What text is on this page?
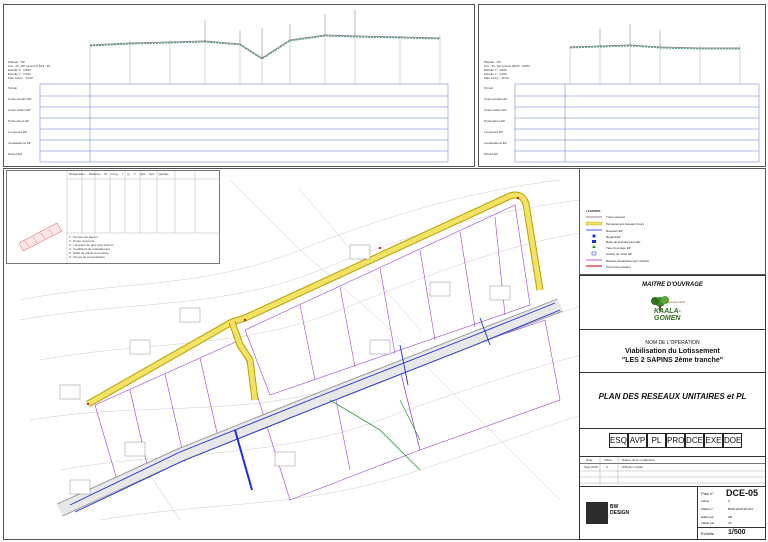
Plateau : DP
Axe : PL_DP essenti P.D15 : D1
Echelle X : 1/500
Echelle Y : 1/100
Plan Comp : 14.00
Terrain
Cotes terrains EP
Cotes radiers EP
Profondeurs EP
Longueurs EP
Canalisations EP
Pentes EP
Plateau : DP
Axe : PL_D2 essenti 06/06 : P2/02
Echelle X : 1/500
Echelle Y : 1/100
Plan Comp : 16.00
Terrain
Cotes terrains EP
Cotes radiers EP
Profondeurs EP
Longueurs EP
Canalisations EP
Pentes EP
Désignation Matériau Ø Long. I Q V Qps Hps Qps/Qs
1 : Numéro de bassin
2 : Pente moyenne
3 : Longueur du plus long chemin
4 : Coefficient de ruissellement
5 : Débit de pointe à l'exutoire
6 : Temps de concentration
LEGENDE
Trace réseaux
Terrassement réseaux futurs
Réseaux EP
Regard EP
Boîte de branchement EP
Tête d'ouvrage EP
Avaloir de voirie EP
Réseau Assainissement Unitaire
Point haut existant
MAITRE D'OUVRAGE
Province Nord
KAALA-GOMEN
NOM DE L'OPERATION
Viabilisation du Lotissement
"LES 2 SAPINS 2ème tranche"
PLAN DES RESEAUX UNITAIRES et PL
Date	Indice	Nature de la modification
Sept 2018	A	Diffusion initiale
BW DESIGN
Plan n° DCE-05
Indice	A
Affaire n°	BWD-2016-90-001
Etabli par	AB
Validé par	JC
Echelle 1/500
ESQ AVP PL PRO DCE EXE DOE
